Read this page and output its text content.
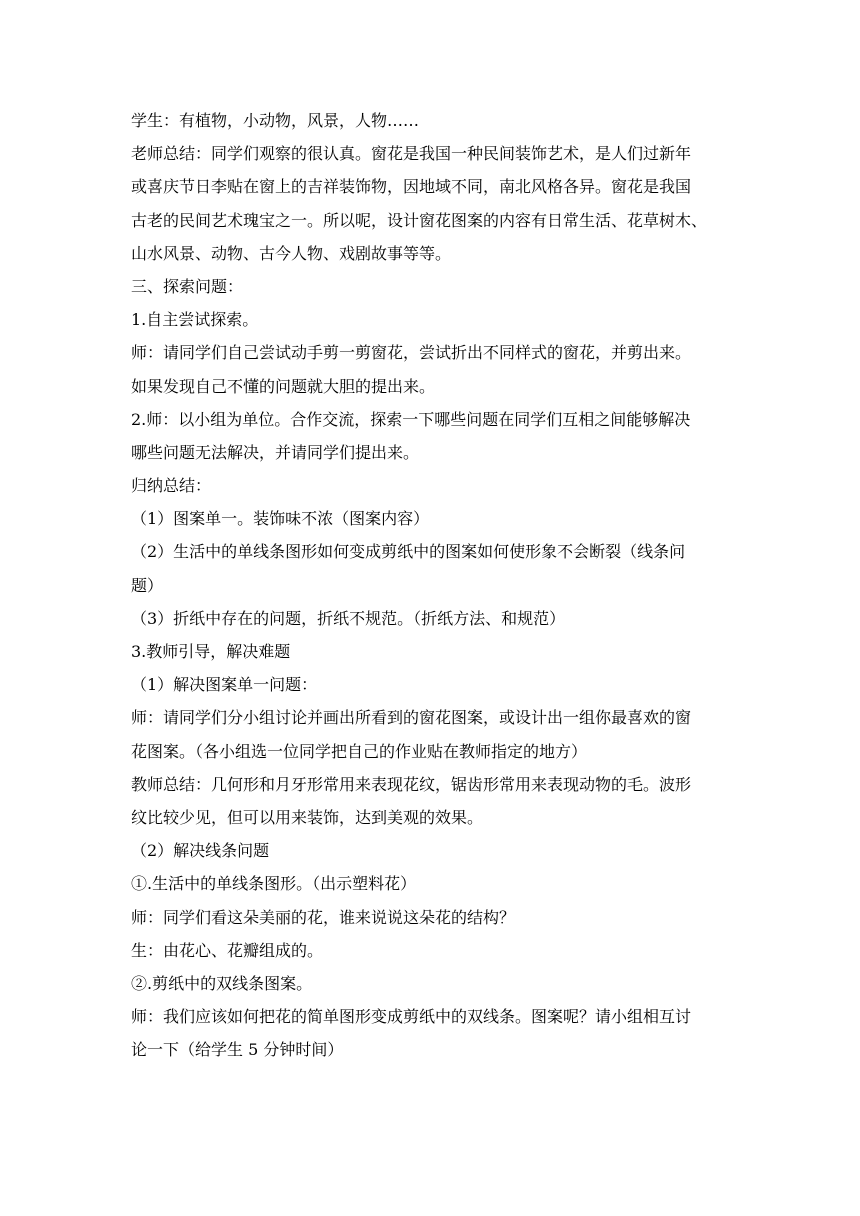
学生：有植物，小动物，风景，人物……
老师总结：同学们观察的很认真。窗花是我国一种民间装饰艺术，是人们过新年
或喜庆节日李贴在窗上的吉祥装饰物，因地域不同，南北风格各异。窗花是我国
古老的民间艺术瑰宝之一。所以呢，设计窗花图案的内容有日常生活、花草树木、
山水风景、动物、古今人物、戏剧故事等等。
三、探索问题：
1.自主尝试探索。
师：请同学们自己尝试动手剪一剪窗花，尝试折出不同样式的窗花，并剪出来。
如果发现自己不懂的问题就大胆的提出来。
2.师：以小组为单位。合作交流，探索一下哪些问题在同学们互相之间能够解决
哪些问题无法解决，并请同学们提出来。
归纳总结：
（1）图案单一。装饰味不浓（图案内容）
（2）生活中的单线条图形如何变成剪纸中的图案如何使形象不会断裂（线条问
题）
（3）折纸中存在的问题，折纸不规范。（折纸方法、和规范）
3.教师引导，解决难题
（1）解决图案单一问题：
师：请同学们分小组讨论并画出所看到的窗花图案，或设计出一组你最喜欢的窗
花图案。（各小组选一位同学把自己的作业贴在教师指定的地方）
教师总结：几何形和月牙形常用来表现花纹，锯齿形常用来表现动物的毛。波形
纹比较少见，但可以用来装饰，达到美观的效果。
（2）解决线条问题
①.生活中的单线条图形。（出示塑料花）
师：同学们看这朵美丽的花，谁来说说这朵花的结构？
生：由花心、花瓣组成的。
②.剪纸中的双线条图案。
师：我们应该如何把花的简单图形变成剪纸中的双线条。图案呢？请小组相互讨
论一下（给学生 5 分钟时间）
